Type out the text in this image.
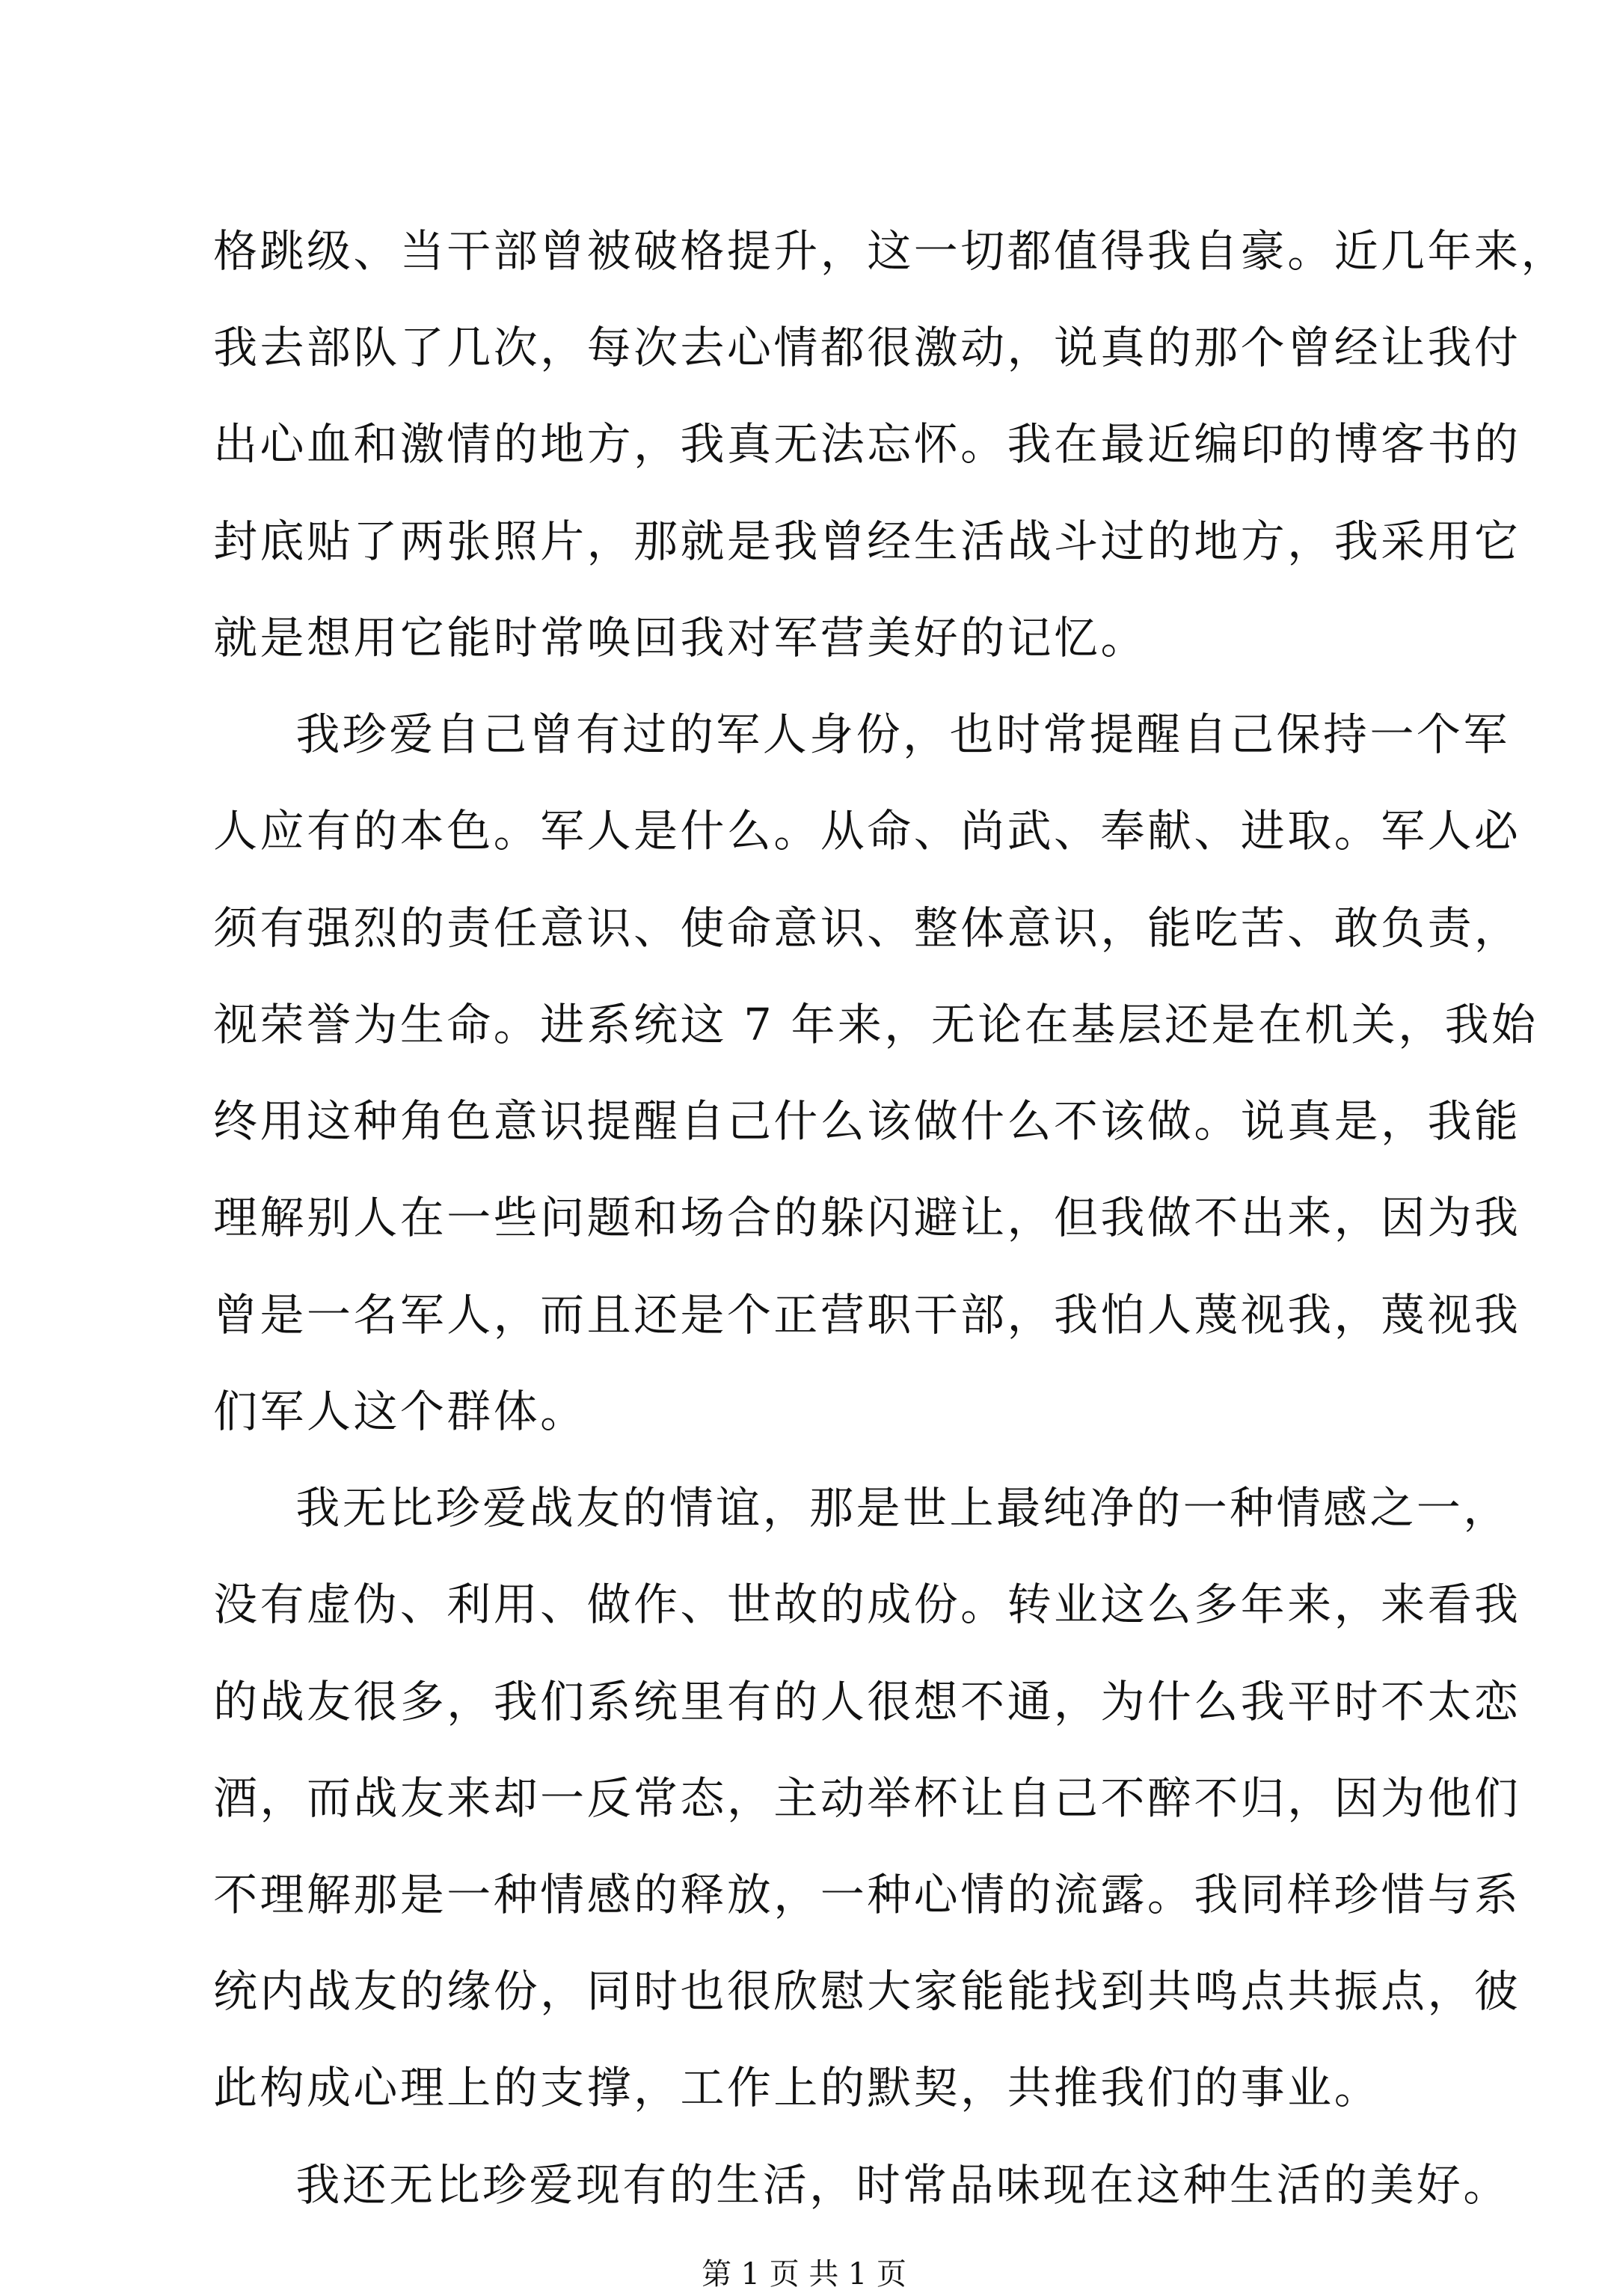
格跳级、当干部曾被破格提升，这一切都值得我自豪。近几年来，
我去部队了几次，每次去心情都很激动，说真的那个曾经让我付
出心血和激情的地方，我真无法忘怀。我在最近编印的博客书的
封底贴了两张照片，那就是我曾经生活战斗过的地方，我采用它
就是想用它能时常唤回我对军营美好的记忆。
我珍爱自己曾有过的军人身份，也时常提醒自己保持一个军
人应有的本色。军人是什么。从命、尚武、奉献、进取。军人必
须有强烈的责任意识、使命意识、整体意识，能吃苦、敢负责，
视荣誉为生命。进系统这 7 年来，无论在基层还是在机关，我始
终用这种角色意识提醒自己什么该做什么不该做。说真是，我能
理解别人在一些问题和场合的躲闪避让，但我做不出来，因为我
曾是一名军人，而且还是个正营职干部，我怕人蔑视我，蔑视我
们军人这个群体。
我无比珍爱战友的情谊，那是世上最纯净的一种情感之一，
没有虚伪、利用、做作、世故的成份。转业这么多年来，来看我
的战友很多，我们系统里有的人很想不通，为什么我平时不太恋
酒，而战友来却一反常态，主动举杯让自己不醉不归，因为他们
不理解那是一种情感的释放，一种心情的流露。我同样珍惜与系
统内战友的缘份，同时也很欣慰大家能能找到共鸣点共振点，彼
此构成心理上的支撑，工作上的默契，共推我们的事业。
我还无比珍爱现有的生活，时常品味现在这种生活的美好。
第 1 页 共 1 页
